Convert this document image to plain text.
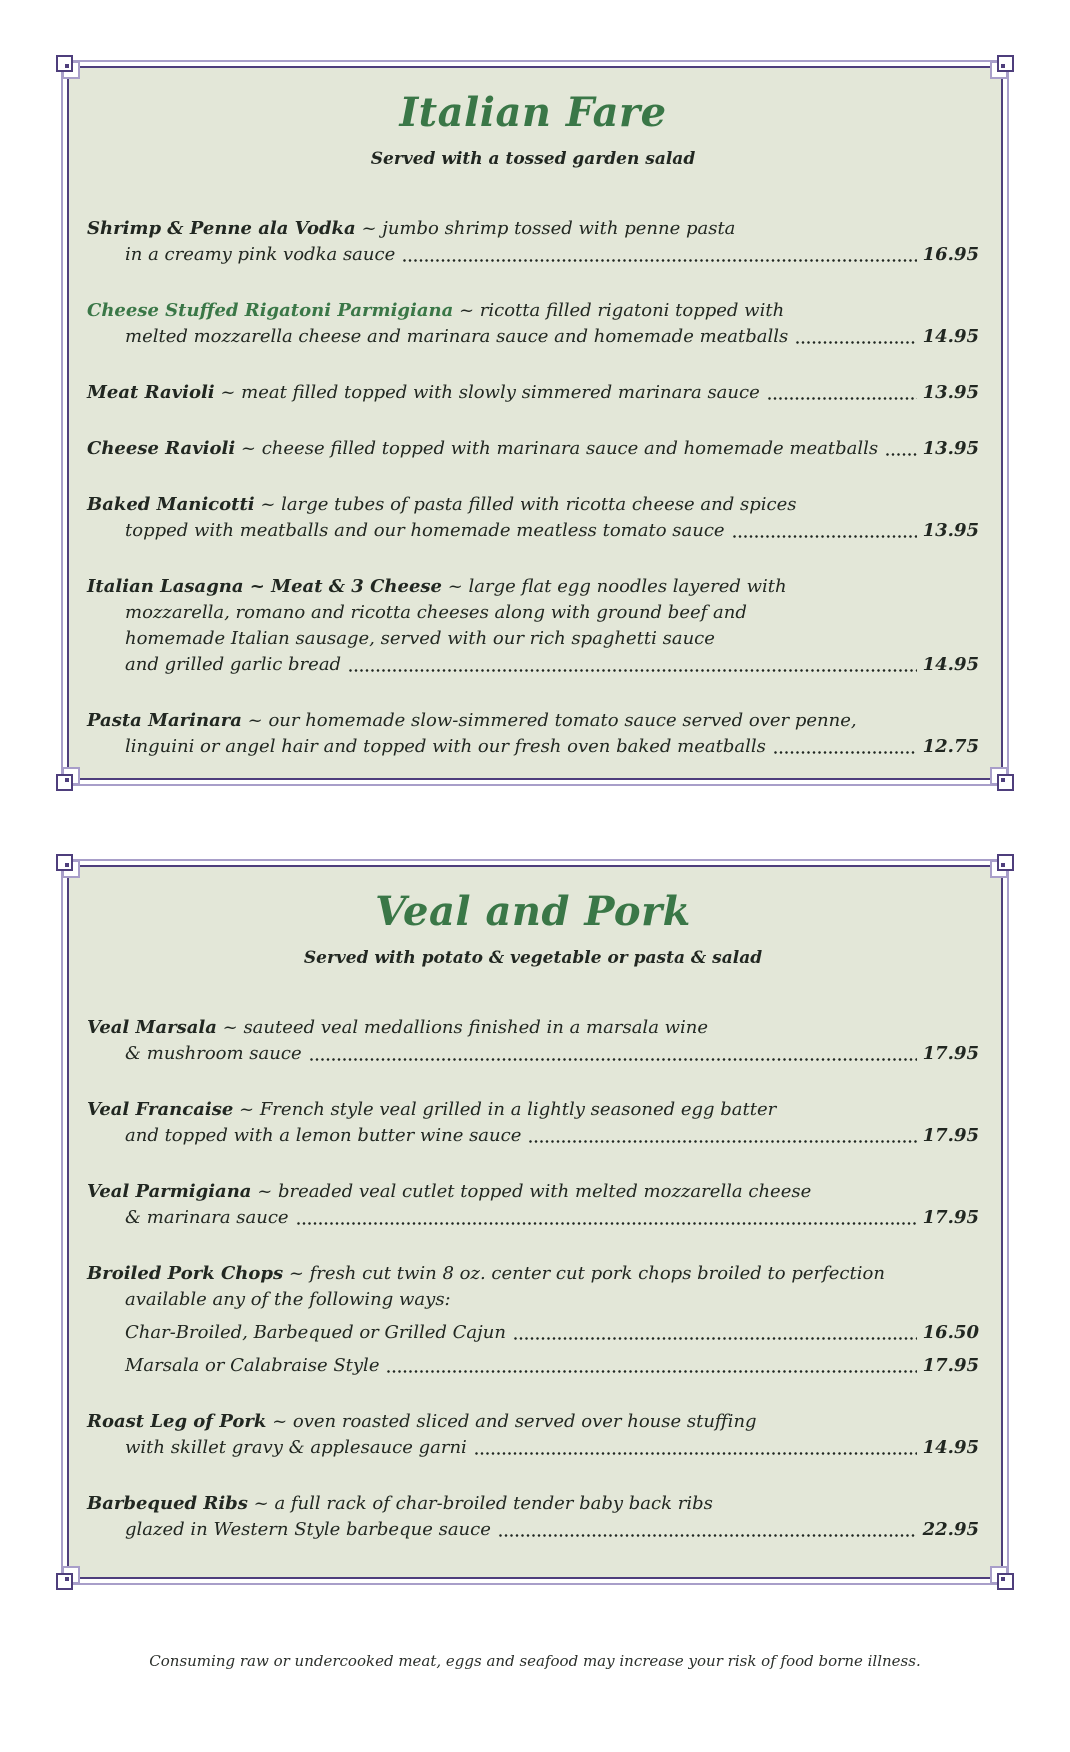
Italian Fare
Served with a tossed garden salad
Shrimp & Penne ala Vodka ~ jumbo shrimp tossed with penne pasta
in a creamy pink vodka sauce	16.95
Cheese Stuffed Rigatoni Parmigiana ~ ricotta filled rigatoni topped with
melted mozzarella cheese and marinara sauce and homemade meatballs	14.95
Meat Ravioli ~ meat filled topped with slowly simmered marinara sauce	13.95
Cheese Ravioli ~ cheese filled topped with marinara sauce and homemade meatballs 13.95
Baked Manicotti ~ large tubes of pasta filled with ricotta cheese and spices
topped with meatballs and our homemade meatless tomato sauce	13.95
Italian Lasagna ~ Meat & 3 Cheese ~ large flat egg noodles layered with
mozzarella, romano and ricotta cheeses along with ground beef and
homemade Italian sausage, served with our rich spaghetti sauce
and grilled garlic bread	14.95
Pasta Marinara ~ our homemade slow-simmered tomato sauce served over penne,
linguini or angel hair and topped with our fresh oven baked meatballs	12.75
Veal and Pork
Served with potato & vegetable or pasta & salad
Veal Marsala ~ sauteed veal medallions finished in a marsala wine
& mushroom sauce	17.95
Veal Francaise ~ French style veal grilled in a lightly seasoned egg batter
and topped with a lemon butter wine sauce	17.95
Veal Parmigiana ~ breaded veal cutlet topped with melted mozzarella cheese
& marinara sauce	17.95
Broiled Pork Chops ~ fresh cut twin 8 oz. center cut pork chops broiled to perfection
available any of the following ways:
Char-Broiled, Barbequed or Grilled Cajun	16.50
Marsala or Calabraise Style	17.95
Roast Leg of Pork ~ oven roasted sliced and served over house stuffing
with skillet gravy & applesauce garni	14.95
Barbequed Ribs ~ a full rack of char-broiled tender baby back ribs
glazed in Western Style barbeque sauce	22.95
Consuming raw or undercooked meat, eggs and seafood may increase your risk of food borne illness.
